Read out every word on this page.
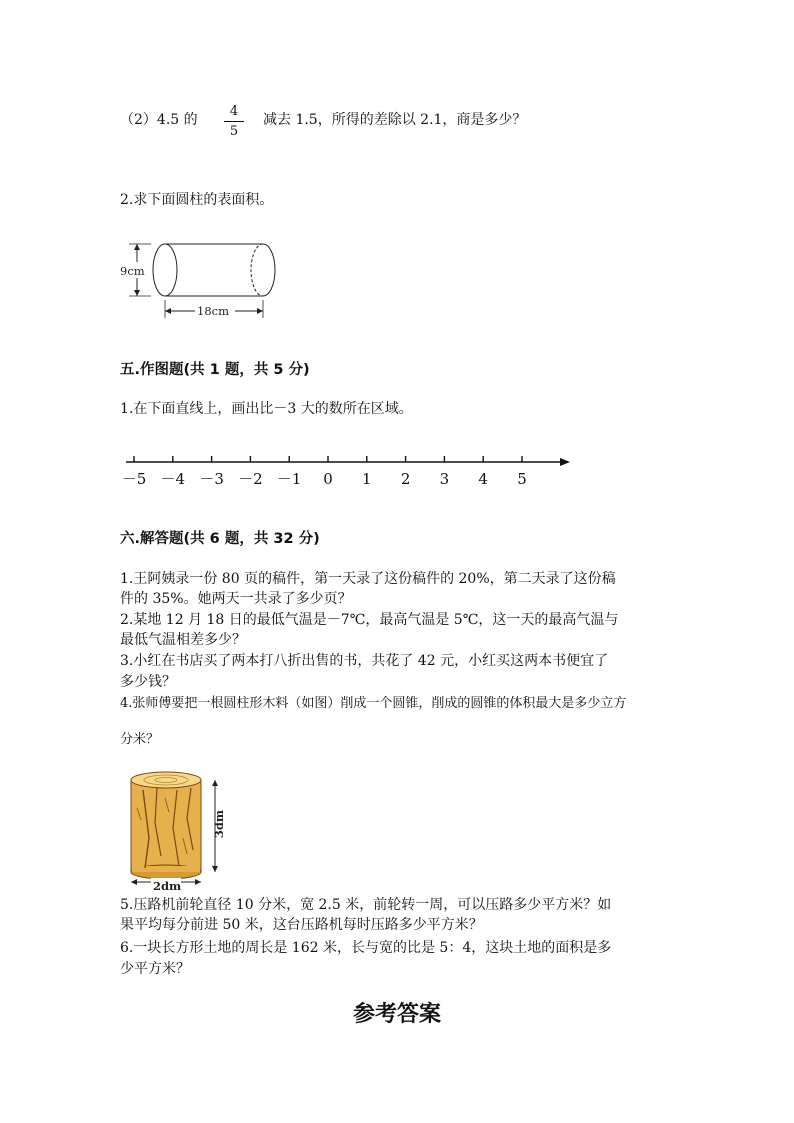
（2）4.5 的
4
5
减去 1.5，所得的差除以 2.1，商是多少？
2.求下面圆柱的表面积。
9cm
18cm
五.作图题(共 1 题，共 5 分)
1.在下面直线上，画出比－3 大的数所在区域。
－5 －4 －3 －2 －1 0 1 2 3 4 5
六.解答题(共 6 题，共 32 分)
1.王阿姨录一份 80 页的稿件，第一天录了这份稿件的 20%，第二天录了这份稿
件的 35%。她两天一共录了多少页？
2.某地 12 月 18 日的最低气温是－7℃，最高气温是 5℃，这一天的最高气温与
最低气温相差多少？
3.小红在书店买了两本打八折出售的书，共花了 42 元，小红买这两本书便宜了
多少钱？
4.张师傅要把一根圆柱形木料（如图）削成一个圆锥，削成的圆锥的体积最大是多少立方
分米？
3dm
2dm
5.压路机前轮直径 10 分米，宽 2.5 米，前轮转一周，可以压路多少平方米？如
果平均每分前进 50 米，这台压路机每时压路多少平方米？
6.一块长方形土地的周长是 162 米，长与宽的比是 5：4，这块土地的面积是多
少平方米？
参考答案
